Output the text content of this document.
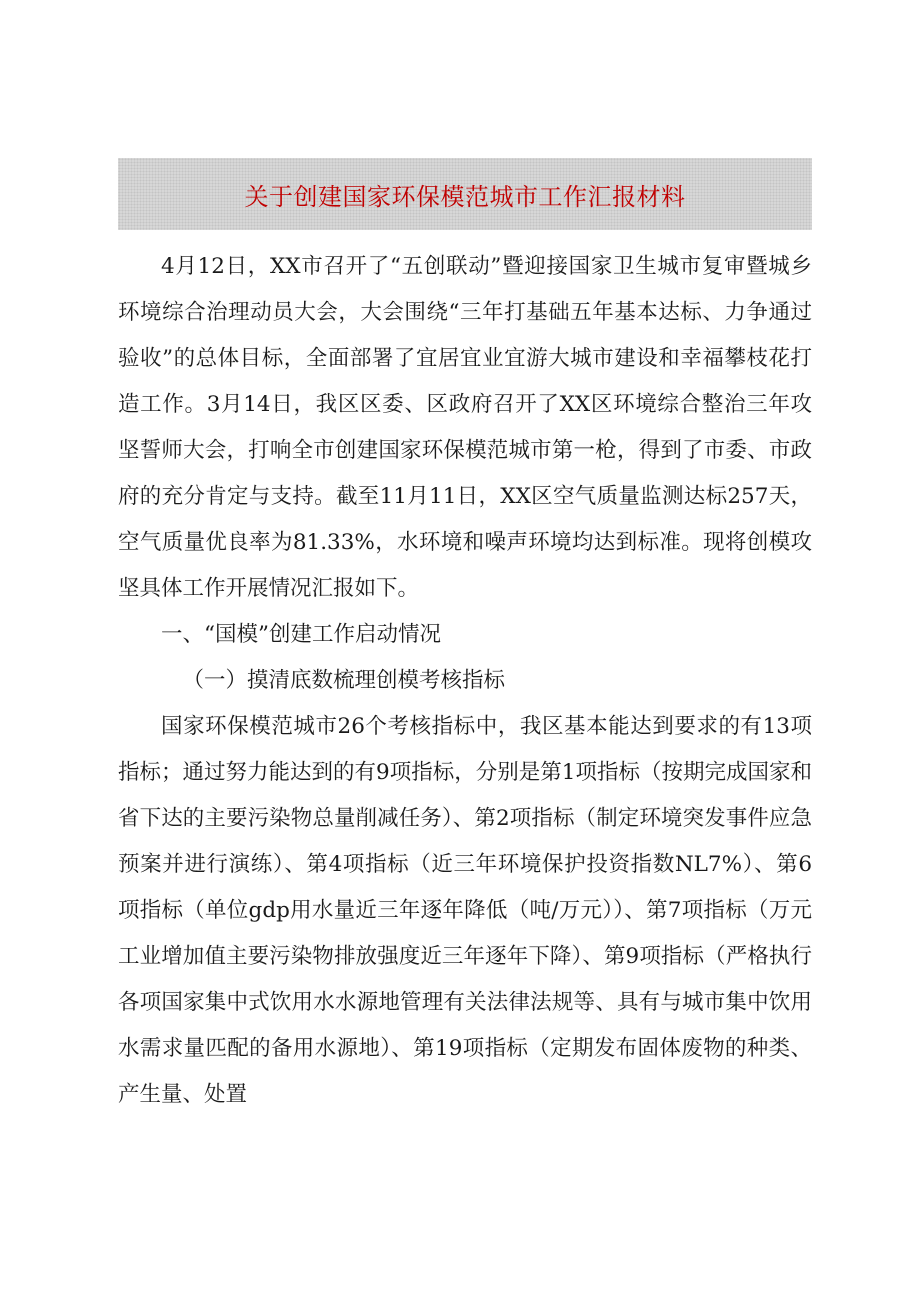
关于创建国家环保模范城市工作汇报材料

4月12日，XX市召开了“五创联动”暨迎接国家卫生城市复审暨城乡环境综合治理动员大会，大会围绕“三年打基础五年基本达标、力争通过验收”的总体目标，全面部署了宜居宜业宜游大城市建设和幸福攀枝花打造工作。3月14日，我区区委、区政府召开了XX区环境综合整治三年攻坚誓师大会，打响全市创建国家环保模范城市第一枪，得到了市委、市政府的充分肯定与支持。截至11月11日，XX区空气质量监测达标257天，空气质量优良率为81.33%，水环境和噪声环境均达到标准。现将创模攻坚具体工作开展情况汇报如下。

一、“国模”创建工作启动情况

（一）摸清底数梳理创模考核指标

国家环保模范城市26个考核指标中，我区基本能达到要求的有13项指标；通过努力能达到的有9项指标，分别是第1项指标（按期完成国家和省下达的主要污染物总量削减任务）、第2项指标（制定环境突发事件应急预案并进行演练）、第4项指标（近三年环境保护投资指数NL7%）、第6项指标（单位gdp用水量近三年逐年降低（吨/万元））、第7项指标（万元工业增加值主要污染物排放强度近三年逐年下降）、第9项指标（严格执行各项国家集中式饮用水水源地管理有关法律法规等、具有与城市集中饮用水需求量匹配的备用水源地）、第19项指标（定期发布固体废物的种类、产生量、处置
